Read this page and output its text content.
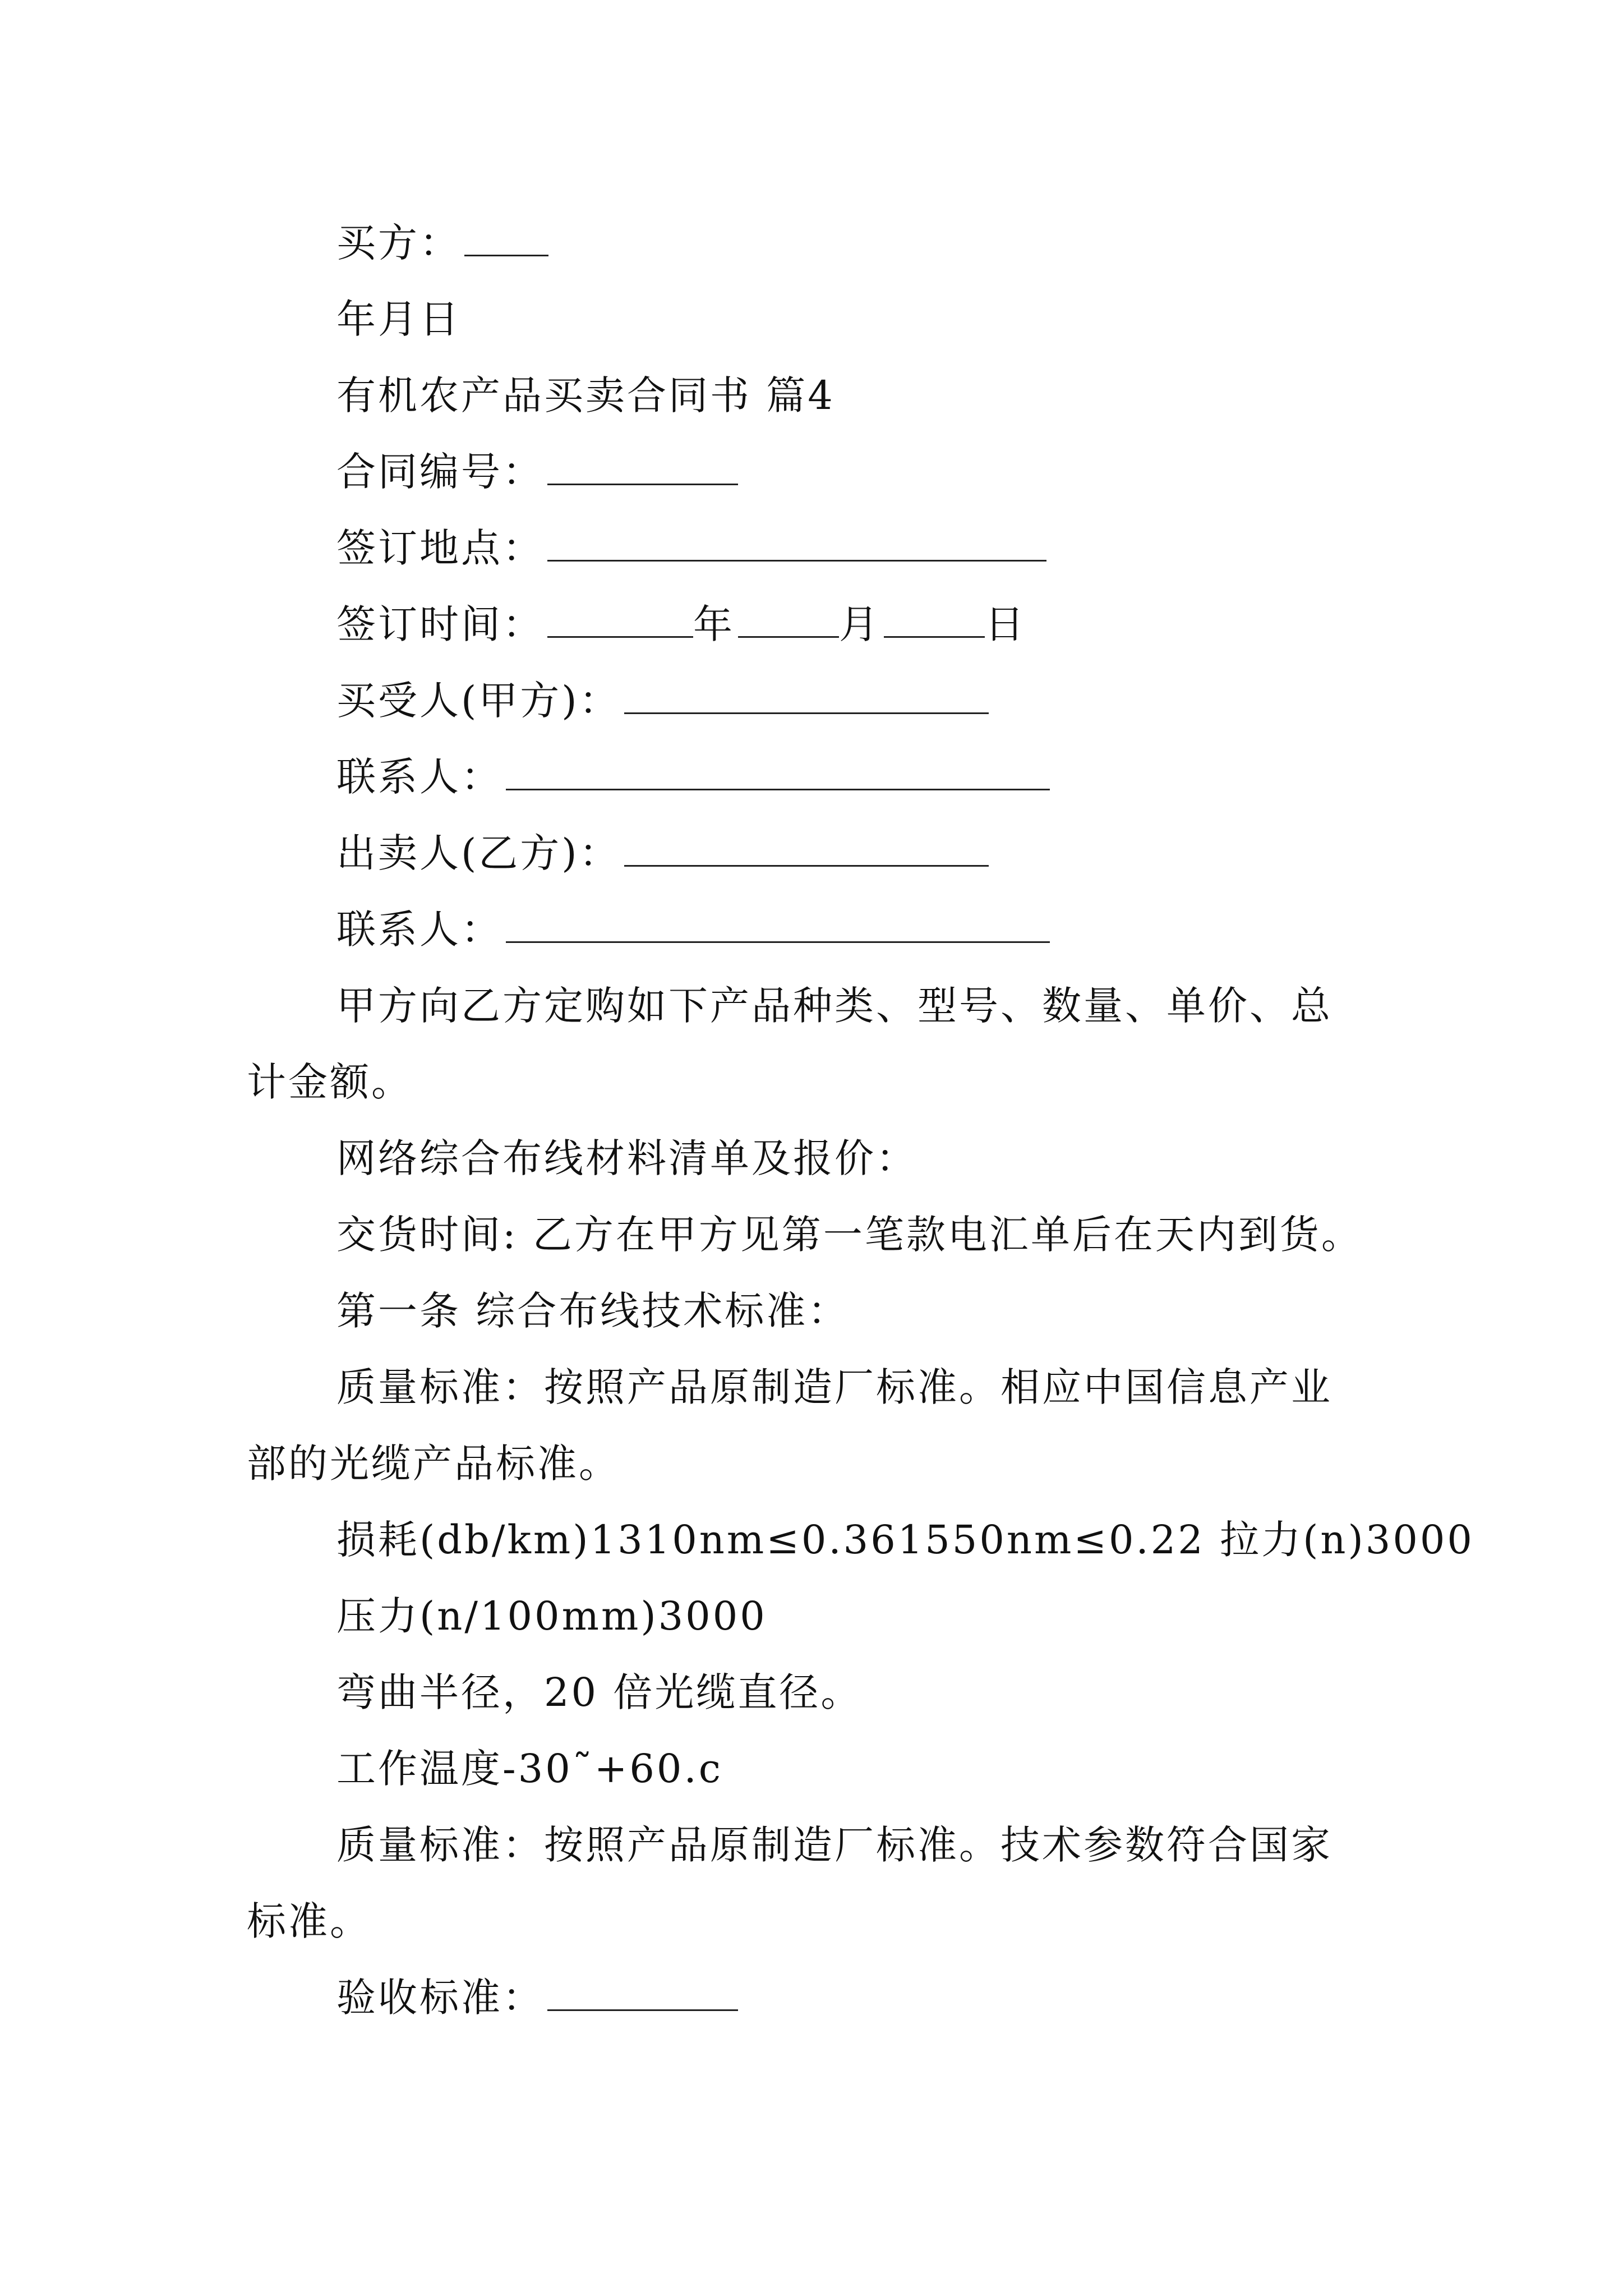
买方：
年月日
有机农产品买卖合同书 篇4
合同编号：
签订地点：
签订时间：	年	月	日
买受人(甲方)：
联系人：
出卖人(乙方)：
联系人：
甲方向乙方定购如下产品种类、型号、数量、单价、总
计金额。
网络综合布线材料清单及报价：
交货时间: 乙方在甲方见第一笔款电汇单后在天内到货。
第一条 综合布线技术标准：
质量标准：按照产品原制造厂标准。相应中国信息产业
部的光缆产品标准。
损耗(db/km)1310nm≤0.361550nm≤0.22 拉力(n)3000
压力(n/100mm)3000
弯曲半径，20 倍光缆直径。
工作温度-30˜+60.c
质量标准：按照产品原制造厂标准。技术参数符合国家
标准。
验收标准：
